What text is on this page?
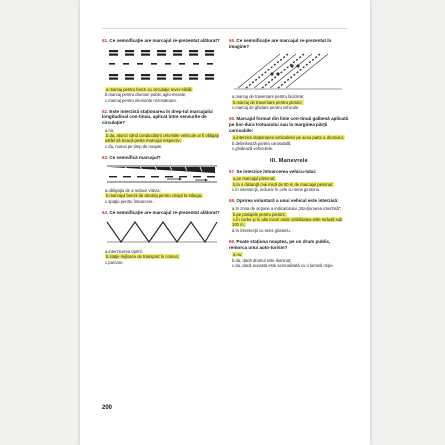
61.Ce semnificaţie are marcajul re-prezentat alăturat?
a.marcaj pentru benzi cu circulaţie rever-sibilă;
b.marcaj pentru drumuri public aglo-merate;
c.marcaj pentru elemente rezonatoare.
62.Este interzisă staţionarea în drep-tul marcajului longitudinal con-tinuu, aplicat între sensurile de circulaţie?
a.nu;
b.da, atunci când conducătorii celorlalte vehicule ar fi obligaţi astfel să treacă peste marcajul respectiv;
c.da, numai pe timp de noapte.
63.Ce semnifică marcajul?
a.obligaţia de a reduce viteza;
b.marcajul benzii de decalaj pentru virajul la stânga;
c.spaţiu pentru întoarcere.
64.Ce semnificaţie are marcajul re-prezentat alăturat?
a.interzicerea opririi;
b.staţie mijloace de transport în comun;
c.parcare.
65.Ce semnificaţie are marcajul re-prezentat în imagine?
a.marcaj de traversare pentru biciclete;
b.marcaj de traversare pentru pietoni;
c.marcaj de ghidare pentru vehicule.
66.Marcajul format din linie con-tinuă galbenă aplicată pe bor-dura trotuarului sau la marginea părţii carosabile:
a.interzice staţionarea vehiculelor pe acea parte a drumului;
b.delimitează partea carosabilă;
c.ghidează vehiculele.
III. Manevrele
67.Se interzice întoarcerea vehicu-lului:
a.pe marcajul pietonal;
b.la o distanţă mai mică de 50 m de marcajul pietonal;
c.în intersecţii, inclusiv în cele cu sens giratoriu.
68.Oprirea voluntară a unui vehicul este interzisă:
a.în zona de acţiune a indicatorului „Sta-ţionarea interzisă”;
b.pe pasajele pentru pietoni;
c.în curbe şi în alte locuri unde vizibilitatea este redusă sub 100 m;
d.în intersecţii cu sens giratoriu.
69.Poate staţiona noaptea, pe un drum public, remorca unui auto-turism?
a.nu;
b.da, dacă drumul este iluminat;
c.da, dacă aceasta este semnalizată cu o lumină roşie.
200
